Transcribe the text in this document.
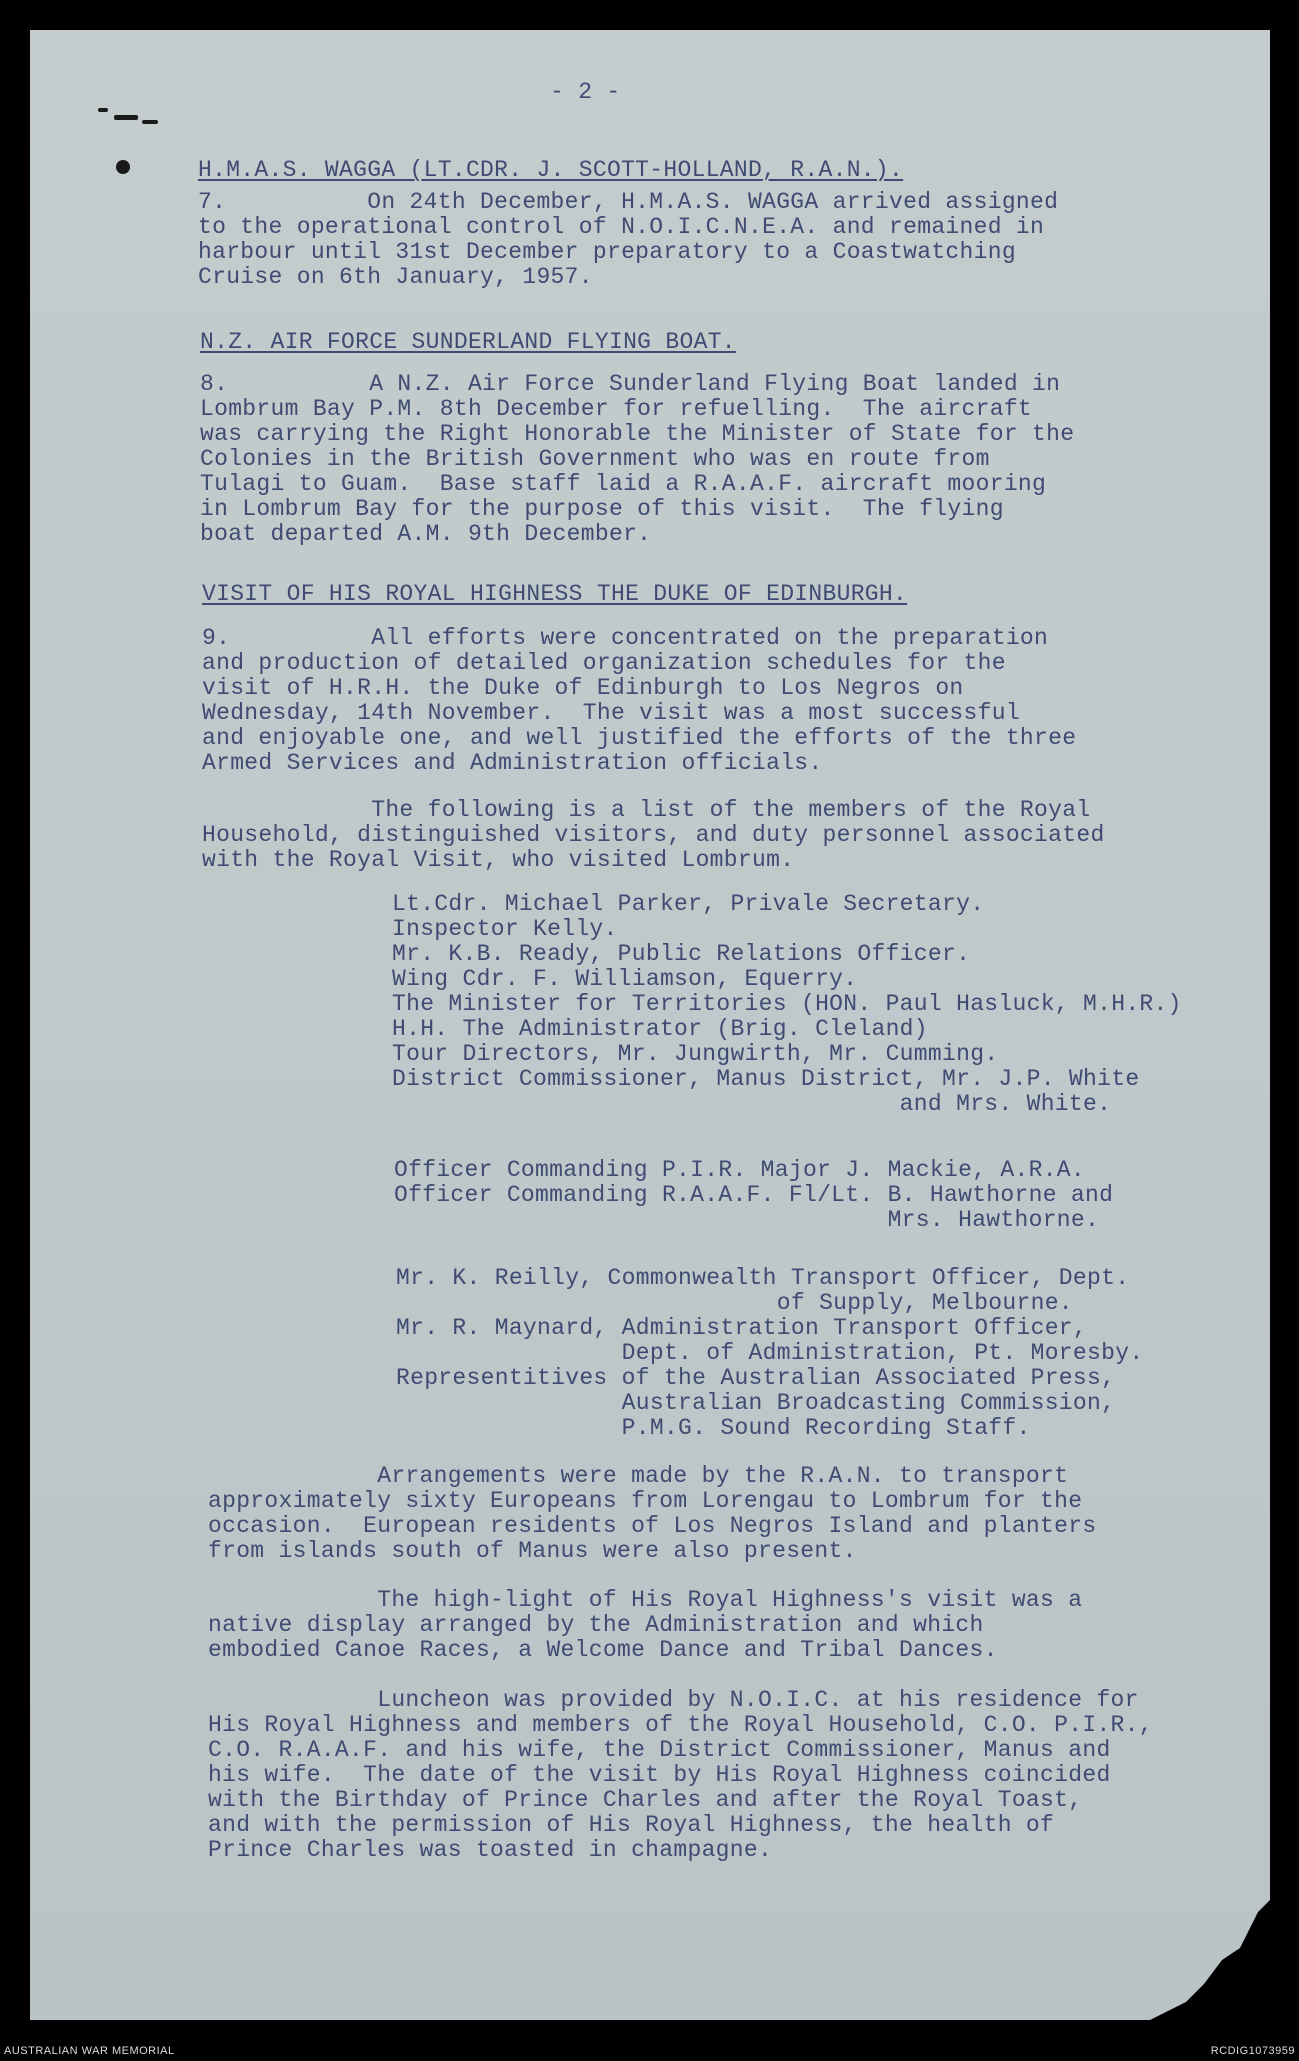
- 2 -

H.M.A.S. WAGGA (LT.CDR. J. SCOTT-HOLLAND, R.A.N.).

7.          On 24th December, H.M.A.S. WAGGA arrived assigned

to the operational control of N.O.I.C.N.E.A. and remained in

harbour until 31st December preparatory to a Coastwatching

Cruise on 6th January, 1957.

N.Z. AIR FORCE SUNDERLAND FLYING BOAT.

8.          A N.Z. Air Force Sunderland Flying Boat landed in

Lombrum Bay P.M. 8th December for refuelling.  The aircraft

was carrying the Right Honorable the Minister of State for the

Colonies in the British Government who was en route from

Tulagi to Guam.  Base staff laid a R.A.A.F. aircraft mooring

in Lombrum Bay for the purpose of this visit.  The flying

boat departed A.M. 9th December.

VISIT OF HIS ROYAL HIGHNESS THE DUKE OF EDINBURGH.

9.          All efforts were concentrated on the preparation

and production of detailed organization schedules for the

visit of H.R.H. the Duke of Edinburgh to Los Negros on

Wednesday, 14th November.  The visit was a most successful

and enjoyable one, and well justified the efforts of the three

Armed Services and Administration officials.

The following is a list of the members of the Royal

Household, distinguished visitors, and duty personnel associated

with the Royal Visit, who visited Lombrum.

Lt.Cdr. Michael Parker, Privale Secretary.

Inspector Kelly.

Mr. K.B. Ready, Public Relations Officer.

Wing Cdr. F. Williamson, Equerry.

The Minister for Territories (HON. Paul Hasluck, M.H.R.)

H.H. The Administrator (Brig. Cleland)

Tour Directors, Mr. Jungwirth, Mr. Cumming.

District Commissioner, Manus District, Mr. J.P. White

and Mrs. White.

Officer Commanding P.I.R. Major J. Mackie, A.R.A.

Officer Commanding R.A.A.F. Fl/Lt. B. Hawthorne and

Mrs. Hawthorne.

Mr. K. Reilly, Commonwealth Transport Officer, Dept.

of Supply, Melbourne.

Mr. R. Maynard, Administration Transport Officer,

Dept. of Administration, Pt. Moresby.

Representitives of the Australian Associated Press,

Australian Broadcasting Commission,

P.M.G. Sound Recording Staff.

Arrangements were made by the R.A.N. to transport

approximately sixty Europeans from Lorengau to Lombrum for the

occasion.  European residents of Los Negros Island and planters

from islands south of Manus were also present.

The high-light of His Royal Highness's visit was a

native display arranged by the Administration and which

embodied Canoe Races, a Welcome Dance and Tribal Dances.

Luncheon was provided by N.O.I.C. at his residence for

His Royal Highness and members of the Royal Household, C.O. P.I.R.,

C.O. R.A.A.F. and his wife, the District Commissioner, Manus and

his wife.  The date of the visit by His Royal Highness coincided

with the Birthday of Prince Charles and after the Royal Toast,

and with the permission of His Royal Highness, the health of

Prince Charles was toasted in champagne.

AUSTRALIAN WAR MEMORIAL	RCDIG1073959
